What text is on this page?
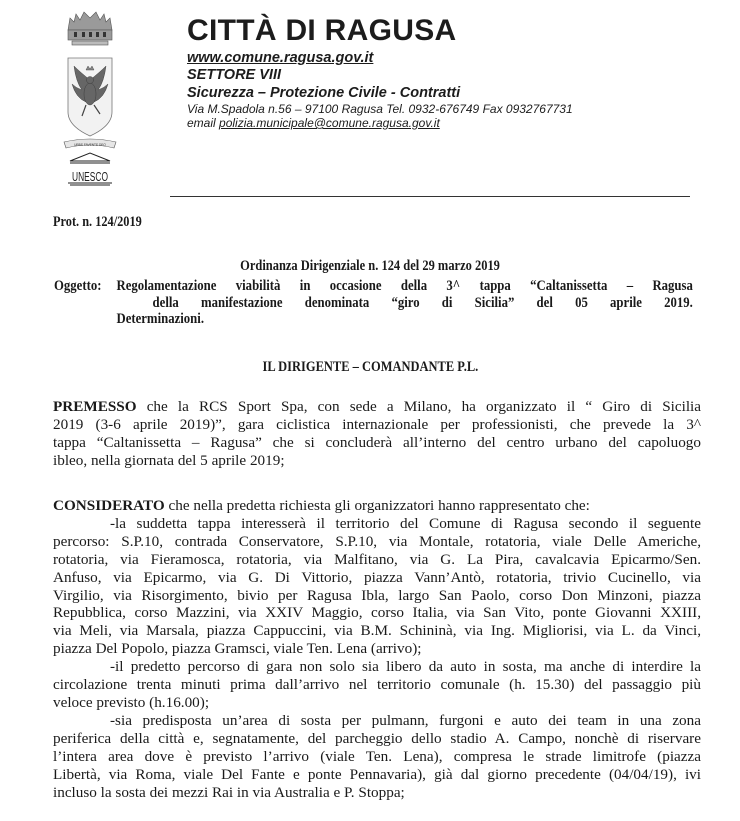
URBS FAVENTE DEO
UNESCO
CITTÀ DI RAGUSA
www.comune.ragusa.gov.it
SETTORE VIII
Sicurezza – Protezione Civile - Contratti
Via M.Spadola n.56 – 97100 Ragusa Tel. 0932-676749 Fax 0932767731
email polizia.municipale@comune.ragusa.gov.it
Prot. n. 124/2019
Ordinanza Dirigenziale n. 124 del 29 marzo 2019
Oggetto: Regolamentazione viabilità in occasione della 3^ tappa “Caltanissetta – Ragusa
della manifestazione denominata “giro di Sicilia” del 05 aprile 2019.
Determinazioni.
IL DIRIGENTE – COMANDANTE P.L.
PREMESSO che la RCS Sport Spa, con sede a Milano, ha organizzato il “ Giro di Sicilia
2019 (3-6 aprile 2019)”, gara ciclistica internazionale per professionisti, che prevede la 3^
tappa “Caltanissetta – Ragusa” che si concluderà all’interno del centro urbano del capoluogo
ibleo, nella giornata del 5 aprile 2019;
CONSIDERATO che nella predetta richiesta gli organizzatori hanno rappresentato che:
-la suddetta tappa interesserà il territorio del Comune di Ragusa secondo il seguente
percorso: S.P.10, contrada Conservatore, S.P.10, via Montale, rotatoria, viale Delle Americhe,
rotatoria, via Fieramosca, rotatoria, via Malfitano, via G. La Pira, cavalcavia Epicarmo/Sen.
Anfuso, via Epicarmo, via G. Di Vittorio, piazza Vann’Antò, rotatoria, trivio Cucinello, via
Virgilio, via Risorgimento, bivio per Ragusa Ibla, largo San Paolo, corso Don Minzoni, piazza
Repubblica, corso Mazzini, via XXIV Maggio, corso Italia, via San Vito, ponte Giovanni XXIII,
via Meli, via Marsala, piazza Cappuccini, via B.M. Schininà, via Ing. Migliorisi, via L. da Vinci,
piazza Del Popolo, piazza Gramsci, viale Ten. Lena (arrivo);
-il predetto percorso di gara non solo sia libero da auto in sosta, ma anche di interdire la
circolazione trenta minuti prima dall’arrivo nel territorio comunale (h. 15.30) del passaggio più
veloce previsto (h.16.00);
-sia predisposta un’area di sosta per pulmann, furgoni e auto dei team in una zona
periferica della città e, segnatamente, del parcheggio dello stadio A. Campo, nonchè di riservare
l’intera area dove è previsto l’arrivo (viale Ten. Lena), compresa le strade limitrofe (piazza
Libertà, via Roma, viale Del Fante e ponte Pennavaria), già dal giorno precedente (04/04/19), ivi
incluso la sosta dei mezzi Rai in via Australia e P. Stoppa;
